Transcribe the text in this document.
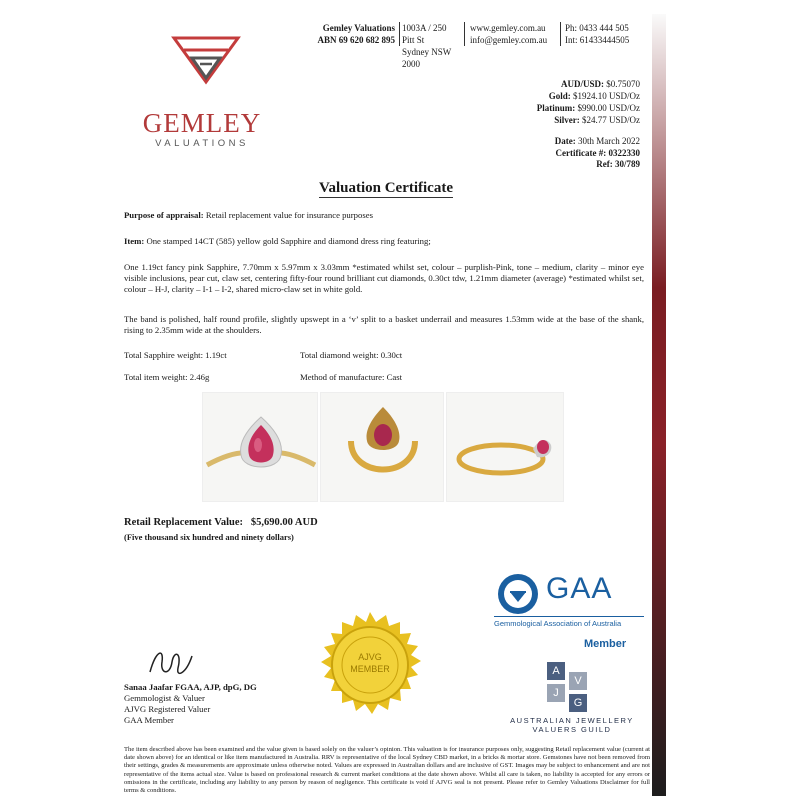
GEMLEY
VALUATIONS
Gemley Valuations
ABN 69 620 682 895
1003A / 250 Pitt St
Sydney NSW 2000
www.gemley.com.au
info@gemley.com.au
Ph: 0433 444 505
Int: 61433444505
AUD/USD: $0.75070
Gold: $1924.10 USD/Oz
Platinum: $990.00 USD/Oz
Silver: $24.77 USD/Oz
Date: 30th March 2022
Certificate #: 0322330
Ref: 30/789
Valuation Certificate
Purpose of appraisal: Retail replacement value for insurance purposes
Item: One stamped 14CT (585) yellow gold Sapphire and diamond dress ring featuring;
One 1.19ct fancy pink Sapphire, 7.70mm x 5.97mm x 3.03mm *estimated whilst set, colour – purplish-Pink, tone – medium, clarity – minor eye visible inclusions, pear cut, claw set, centering fifty-four round brilliant cut diamonds, 0.30ct tdw, 1.21mm diameter (average) *estimated whilst set, colour – H-J, clarity – I-1 – I-2, shared micro-claw set in white gold.
The band is polished, half round profile, slightly upswept in a ‘v’ split to a basket underrail and measures 1.53mm wide at the base of the shank, rising to 2.35mm wide at the shoulders.
Total Sapphire weight: 1.19ct	Total diamond weight: 0.30ct
Total item weight: 2.46g	Method of manufacture: Cast
Retail Replacement Value: $5,690.00 AUD
(Five thousand six hundred and ninety dollars)
GAA
Gemmological Association of Australia
Member
A
V
J
G
AUSTRALIAN JEWELLERY
VALUERS GUILD
AJVG
MEMBER
Sanaa Jaafar FGAA, AJP, dpG, DG
Gemmologist & Valuer
AJVG Registered Valuer
GAA Member
The item described above has been examined and the value given is based solely on the valuer’s opinion. This valuation is for insurance purposes only, suggesting Retail replacement value (current at date shown above) for an identical or like item manufactured in Australia. RRV is representative of the local Sydney CBD market, in a bricks & mortar store. Gemstones have not been removed from their settings, grades & measurements are approximate unless otherwise noted. Values are expressed in Australian dollars and are inclusive of GST. Images may be subject to enhancement and are not representative of the items actual size. Value is based on professional research & current market conditions at the date shown above. Whilst all care is taken, no liability is accepted for any errors or omissions in the certificate, including any liability to any person by reason of negligence. This certificate is void if AJVG seal is not present. Please refer to Gemley Valuations Disclaimer for full terms & conditions.
